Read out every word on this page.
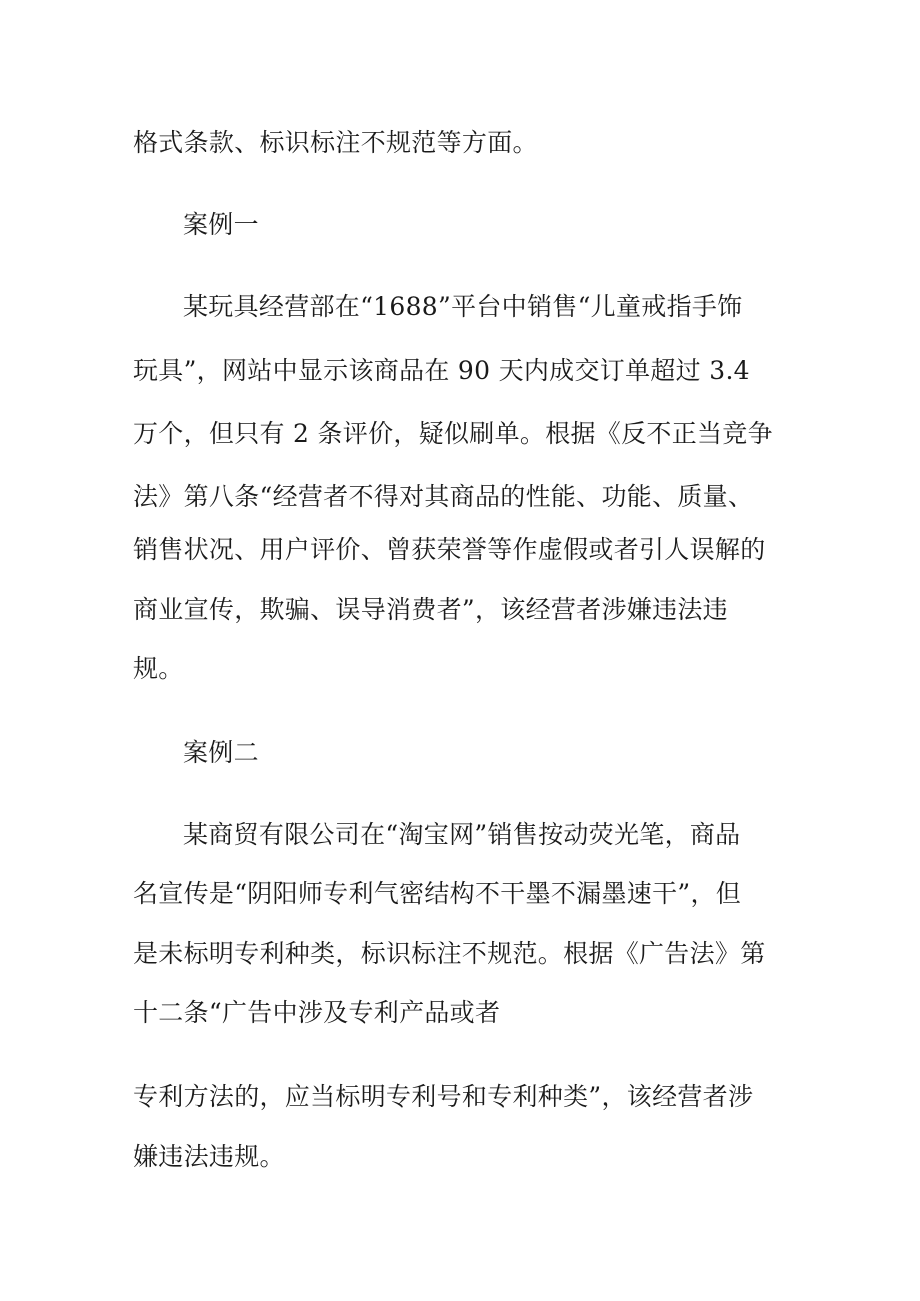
格式条款、标识标注不规范等方面。
案例一
某玩具经营部在“1688”平台中销售“儿童戒指手饰
玩具”，网站中显示该商品在 90 天内成交订单超过 3.4
万个，但只有 2 条评价，疑似刷单。根据《反不正当竞争
法》第八条“经营者不得对其商品的性能、功能、质量、
销售状况、用户评价、曾获荣誉等作虚假或者引人误解的
商业宣传，欺骗、误导消费者”，该经营者涉嫌违法违
规。
案例二
某商贸有限公司在“淘宝网”销售按动荧光笔，商品
名宣传是“阴阳师专利气密结构不干墨不漏墨速干”，但
是未标明专利种类，标识标注不规范。根据《广告法》第
十二条“广告中涉及专利产品或者
专利方法的，应当标明专利号和专利种类”，该经营者涉
嫌违法违规。
